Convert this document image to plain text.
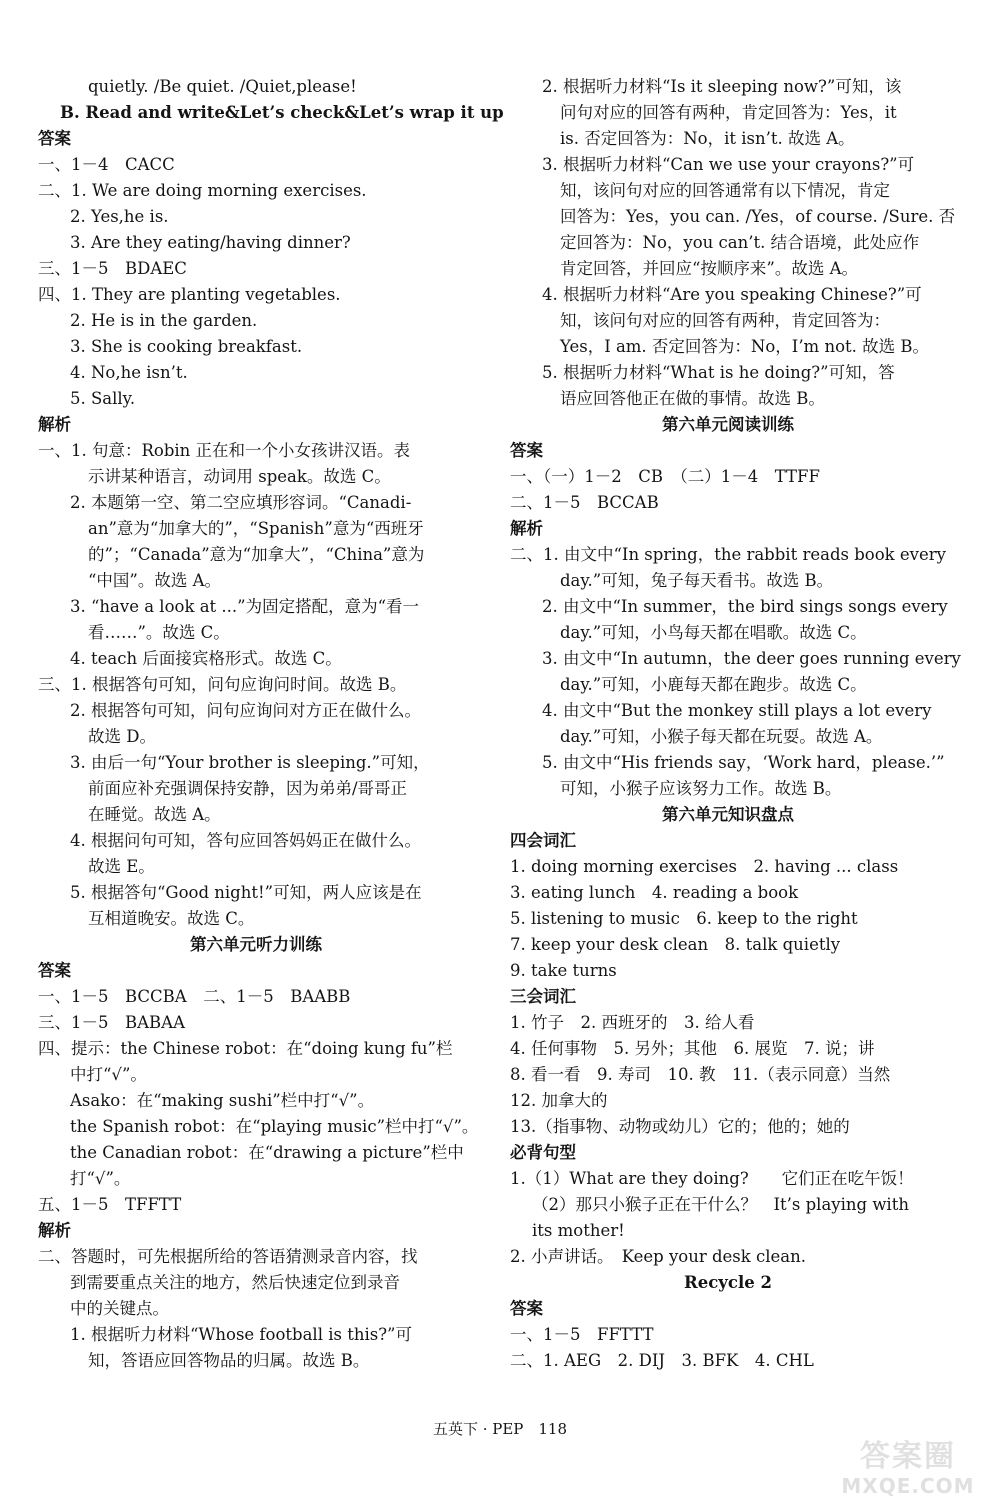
quietly. /Be quiet. /Quiet,please!
B. Read and write&Let’s check&Let’s wrap it up
答案
一、1－4　CACC
二、1. We are doing morning exercises.
2. Yes,he is.
3. Are they eating/having dinner?
三、1－5　BDAEC
四、1. They are planting vegetables.
2. He is in the garden.
3. She is cooking breakfast.
4. No,he isn’t.
5. Sally.
解析
一、1. 句意：Robin 正在和一个小女孩讲汉语。表
示讲某种语言，动词用 speak。故选 C。
2. 本题第一空、第二空应填形容词。“Canadi-
an”意为“加拿大的”，“Spanish”意为“西班牙
的”；“Canada”意为“加拿大”，“China”意为
“中国”。故选 A。
3. “have a look at ...”为固定搭配，意为“看一
看……”。故选 C。
4. teach 后面接宾格形式。故选 C。
三、1. 根据答句可知，问句应询问时间。故选 B。
2. 根据答句可知，问句应询问对方正在做什么。
故选 D。
3. 由后一句“Your brother is sleeping.”可知，
前面应补充强调保持安静，因为弟弟/哥哥正
在睡觉。故选 A。
4. 根据问句可知，答句应回答妈妈正在做什么。
故选 E。
5. 根据答句“Good night!”可知，两人应该是在
互相道晚安。故选 C。
第六单元听力训练
答案
一、1－5　BCCBA　二、1－5　BAABB
三、1－5　BABAA
四、提示：the Chinese robot：在“doing kung fu”栏
中打“√”。
Asako：在“making sushi”栏中打“√”。
the Spanish robot：在“playing music”栏中打“√”。
the Canadian robot：在“drawing a picture”栏中
打“√”。
五、1－5　TFFTT
解析
二、答题时，可先根据所给的答语猜测录音内容，找
到需要重点关注的地方，然后快速定位到录音
中的关键点。
1. 根据听力材料“Whose football is this?”可
知，答语应回答物品的归属。故选 B。
2. 根据听力材料“Is it sleeping now?”可知，该
问句对应的回答有两种，肯定回答为：Yes，it
is. 否定回答为：No，it isn’t. 故选 A。
3. 根据听力材料“Can we use your crayons?”可
知，该问句对应的回答通常有以下情况，肯定
回答为：Yes，you can. /Yes，of course. /Sure. 否
定回答为：No，you can’t. 结合语境，此处应作
肯定回答，并回应“按顺序来”。故选 A。
4. 根据听力材料“Are you speaking Chinese?”可
知，该问句对应的回答有两种，肯定回答为：
Yes，I am. 否定回答为：No，I’m not. 故选 B。
5. 根据听力材料“What is he doing?”可知，答
语应回答他正在做的事情。故选 B。
第六单元阅读训练
答案
一、（一）1－2　CB　（二）1－4　TTFF
二、1－5　BCCAB
解析
二、1. 由文中“In spring，the rabbit reads book every
day.”可知，兔子每天看书。故选 B。
2. 由文中“In summer，the bird sings songs every
day.”可知，小鸟每天都在唱歌。故选 C。
3. 由文中“In autumn，the deer goes running every
day.”可知，小鹿每天都在跑步。故选 C。
4. 由文中“But the monkey still plays a lot every
day.”可知，小猴子每天都在玩耍。故选 A。
5. 由文中“His friends say，‘Work hard，please.’”
可知，小猴子应该努力工作。故选 B。
第六单元知识盘点
四会词汇
1. doing morning exercises　2. having ... class
3. eating lunch　4. reading a book
5. listening to music　6. keep to the right
7. keep your desk clean　8. talk quietly
9. take turns
三会词汇
1. 竹子　2. 西班牙的　3. 给人看
4. 任何事物　5. 另外；其他　6. 展览　7. 说；讲
8. 看一看　9. 寿司　10. 教　11.（表示同意）当然
12. 加拿大的
13.（指事物、动物或幼儿）它的；他的；她的
必背句型
1.（1）What are they doing?　　它们正在吃午饭！
（2）那只小猴子正在干什么？　It’s playing with
its mother!
2. 小声讲话。　Keep your desk clean.
Recycle 2
答案
一、1－5　FFTTT
二、1. AEG　2. DIJ　3. BFK　4. CHL
五英下 · PEP　118
答案圈
MXQE.COM
